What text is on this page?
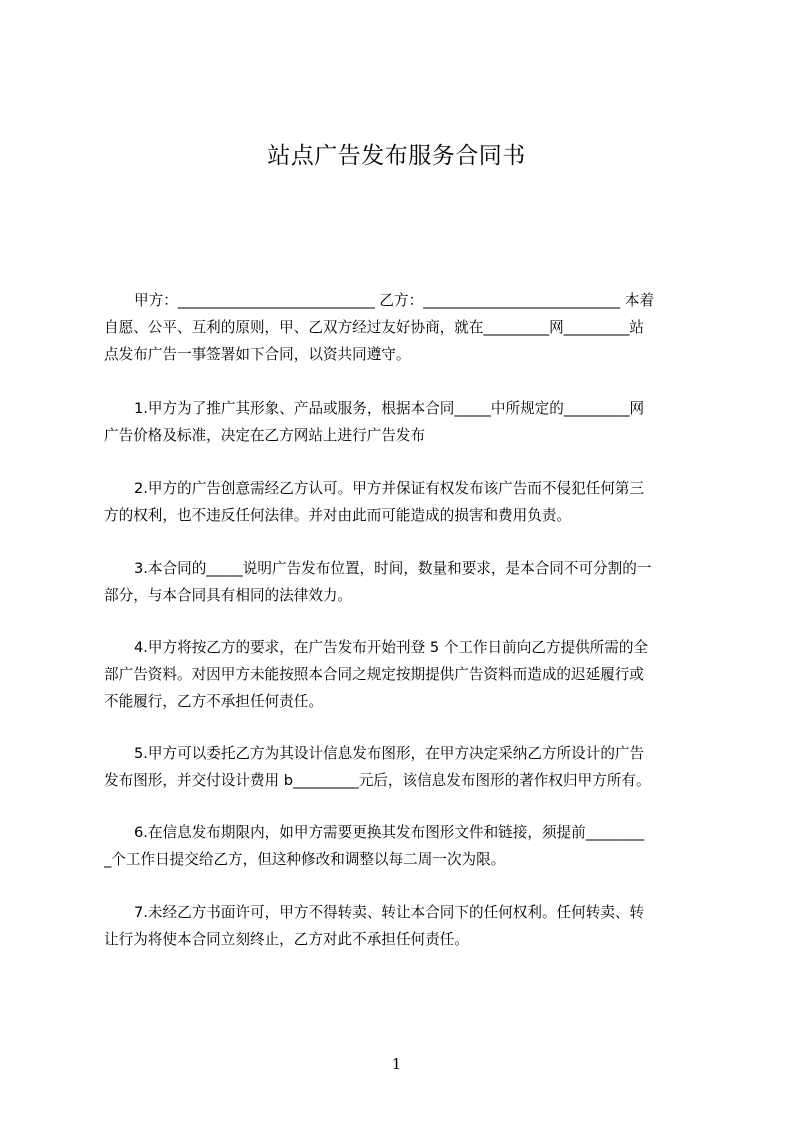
站点广告发布服务合同书
甲方：___________________________ 乙方：___________________________ 本着
自愿、公平、互利的原则，甲、乙双方经过友好协商，就在_________网_________站
点发布广告一事签署如下合同，以资共同遵守。
1.甲方为了推广其形象、产品或服务，根据本合同_____中所规定的_________网
广告价格及标准，决定在乙方网站上进行广告发布
2.甲方的广告创意需经乙方认可。甲方并保证有权发布该广告而不侵犯任何第三
方的权利，也不违反任何法律。并对由此而可能造成的损害和费用负责。
3.本合同的_____说明广告发布位置，时间，数量和要求，是本合同不可分割的一
部分，与本合同具有相同的法律效力。
4.甲方将按乙方的要求，在广告发布开始刊登 5 个工作日前向乙方提供所需的全
部广告资料。对因甲方未能按照本合同之规定按期提供广告资料而造成的迟延履行或
不能履行，乙方不承担任何责任。
5.甲方可以委托乙方为其设计信息发布图形，在甲方决定采纳乙方所设计的广告
发布图形，并交付设计费用 b_________元后，该信息发布图形的著作权归甲方所有。
6.在信息发布期限内，如甲方需要更换其发布图形文件和链接，须提前________
_个工作日提交给乙方，但这种修改和调整以每二周一次为限。
7.未经乙方书面许可，甲方不得转卖、转让本合同下的任何权利。任何转卖、转
让行为将使本合同立刻终止，乙方对此不承担任何责任。
1
